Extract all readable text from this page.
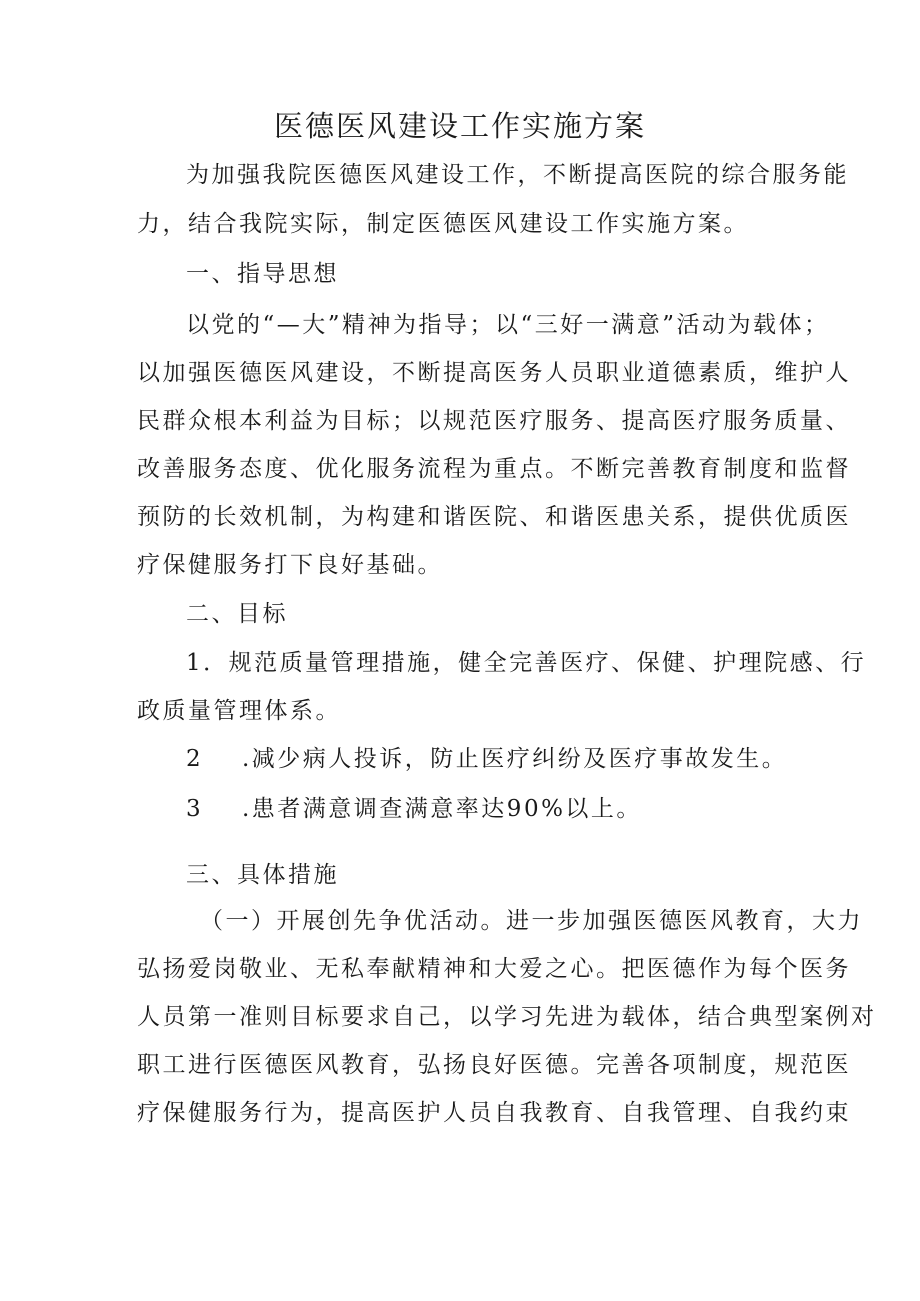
医德医风建设工作实施方案
为加强我院医德医风建设工作，不断提高医院的综合服务能
力，结合我院实际，制定医德医风建设工作实施方案。
一、指导思想
以党的“—大”精神为指导；以“三好一满意”活动为载体；
以加强医德医风建设，不断提高医务人员职业道德素质，维护人
民群众根本利益为目标；以规范医疗服务、提高医疗服务质量、
改善服务态度、优化服务流程为重点。不断完善教育制度和监督
预防的长效机制，为构建和谐医院、和谐医患关系，提供优质医
疗保健服务打下良好基础。
二、目标
1．规范质量管理措施，健全完善医疗、保健、护理院感、行
政质量管理体系。
2 .减少病人投诉，防止医疗纠纷及医疗事故发生。
3 .患者满意调查满意率达90%以上。
三、具体措施
（一）开展创先争优活动。进一步加强医德医风教育，大力
弘扬爱岗敬业、无私奉献精神和大爱之心。把医德作为每个医务
人员第一准则目标要求自己，以学习先进为载体，结合典型案例对
职工进行医德医风教育，弘扬良好医德。完善各项制度，规范医
疗保健服务行为，提高医护人员自我教育、自我管理、自我约束
